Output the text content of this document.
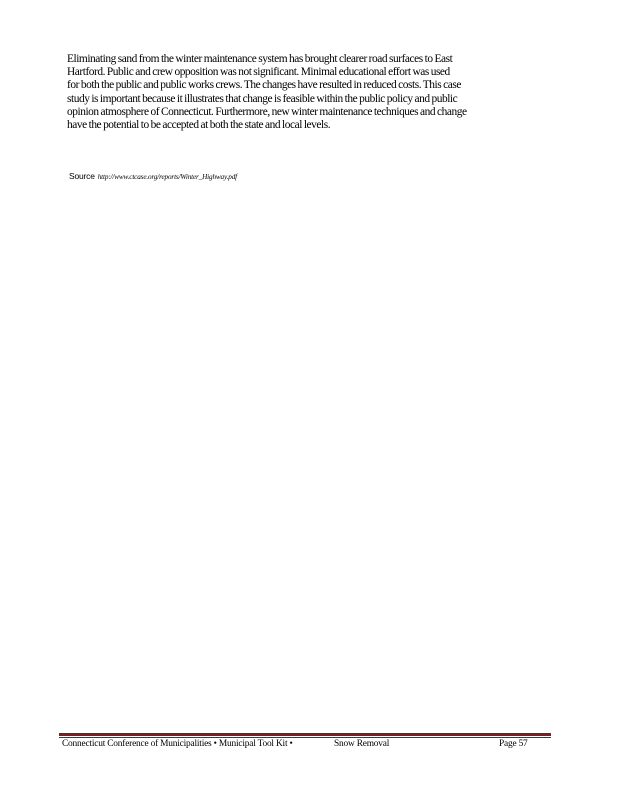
Eliminating sand from the winter maintenance system has brought clearer road surfaces to East
Hartford. Public and crew opposition was not significant. Minimal educational effort was used
for both the public and public works crews. The changes have resulted in reduced costs. This case
study is important because it illustrates that change is feasible within the public policy and public
opinion atmosphere of Connecticut. Furthermore, new winter maintenance techniques and change
have the potential to be accepted at both the state and local levels.
Source http://www.ctcase.org/reports/Winter_Highway.pdf
Connecticut Conference of Municipalities • Municipal Tool Kit •	Snow Removal	Page 57
